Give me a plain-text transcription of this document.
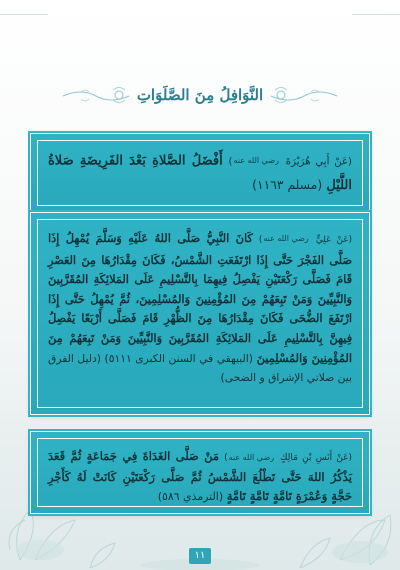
النَّوَافِلُ مِنَ الصَّلَوَاتِ
(عَنْ أَبِي هُرَيْرَةَ رضي الله عنه) أَفْضَلُ الصَّلاةِ بَعْدَ الفَرِيضَةِ صَلاةُ اللَّيْلِ (مسلم ١١٦٣)
(عَنْ عَلِيٍّ رضي الله عنه) كَانَ النَّبِيُّ صَلَّى اللهُ عَلَيْهِ وَسَلَّمَ يُمْهِلُ إِذَا صَلَّى الفَجْرَ حَتَّى إِذَا ارْتَفَعَتِ الشَّمْسُ، فَكَانَ مِقْدَارُهَا مِنَ العَصْرِ قَامَ فَصَلَّى رَكْعَتَيْنِ يَفْصِلُ فِيهِمَا بِالتَّسْلِيمِ عَلَى المَلائِكَةِ المُقَرَّبِينَ وَالنَّبِيِّينَ وَمَنْ تَبِعَهُمْ مِنَ المُؤْمِنِينَ وَالمُسْلِمِينَ، ثُمَّ يُمْهِلُ حَتَّى إِذَا ارْتَفَعَ الضُّحَى فَكَانَ مِقْدَارُهَا مِنَ الظُّهْرِ قَامَ فَصَلَّى أَرْبَعًا يَفْصِلُ فِيهِنَّ بِالتَّسْلِيمِ عَلَى المَلائِكَةِ المُقَرَّبِينَ وَالنَّبِيِّينَ وَمَنْ تَبِعَهُمْ مِنَ المُؤْمِنِينَ وَالمُسْلِمِينَ (البيهقي في السنن الكبرى ٥١١١) (دليل الفرق بين صلاتي الإشراق و الضحى)
(عَنْ أَنَسِ بْنِ مَالِكٍ رضي الله عنه) مَنْ صَلَّى الغَدَاةَ فِي جَمَاعَةٍ ثُمَّ قَعَدَ يَذْكُرُ اللهَ حَتَّى تَطْلُعَ الشَّمْسُ ثُمَّ صَلَّى رَكْعَتَيْنِ كَانَتْ لَهُ كَأَجْرِ حَجَّةٍ وَعُمْرَةٍ تَامَّةٍ تَامَّةٍ تَامَّةٍ (الترمذي ٥٨٦)
١١
